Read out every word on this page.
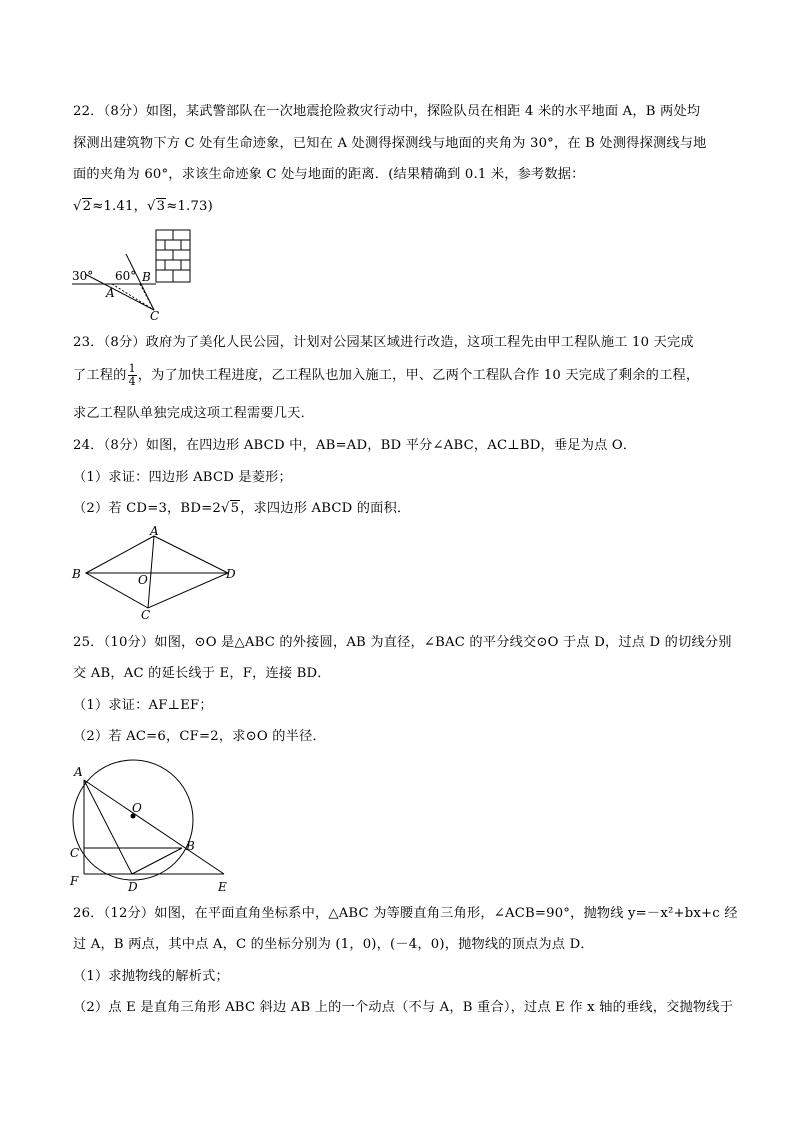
22．（8分）如图，某武警部队在一次地震抢险救灾行动中，探险队员在相距 4 米的水平地面 A，B 两处均
探测出建筑物下方 C 处有生命迹象，已知在 A 处测得探测线与地面的夹角为 30°，在 B 处测得探测线与地
面的夹角为 60°，求该生命迹象 C 处与地面的距离．(结果精确到 0.1 米，参考数据：
√2≈1.41，√3≈1.73)
30° 60° B
A
C
23．（8分）政府为了美化人民公园，计划对公园某区域进行改造，这项工程先由甲工程队施工 10 天完成
了工程的 $\frac{1}{4}$ ，为了加快工程进度，乙工程队也加入施工，甲、乙两个工程队合作 10 天完成了剩余的工程，
求乙工程队单独完成这项工程需要几天．
24．（8分）如图，在四边形 ABCD 中，AB=AD，BD 平分∠ABC，AC⊥BD，垂足为点 O．
（1）求证：四边形 ABCD 是菱形；
（2）若 CD=3，BD=2√5，求四边形 ABCD 的面积．
A
B	D
C
O
25．（10分）如图，⊙O 是△ABC 的外接圆，AB 为直径，∠BAC 的平分线交⊙O 于点 D，过点 D 的切线分别
交 AB，AC 的延长线于 E，F，连接 BD．
（1）求证：AF⊥EF；
（2）若 AC=6，CF=2，求⊙O 的半径．
A
O
B
C
F	D	E
26．（12分）如图，在平面直角坐标系中，△ABC 为等腰直角三角形，∠ACB=90°，抛物线 y=－x²+bx+c 经
过 A，B 两点，其中点 A，C 的坐标分别为 (1，0)，(－4，0)，抛物线的顶点为点 D．
（1）求抛物线的解析式；
（2）点 E 是直角三角形 ABC 斜边 AB 上的一个动点（不与 A，B 重合），过点 E 作 x 轴的垂线，交抛物线于
